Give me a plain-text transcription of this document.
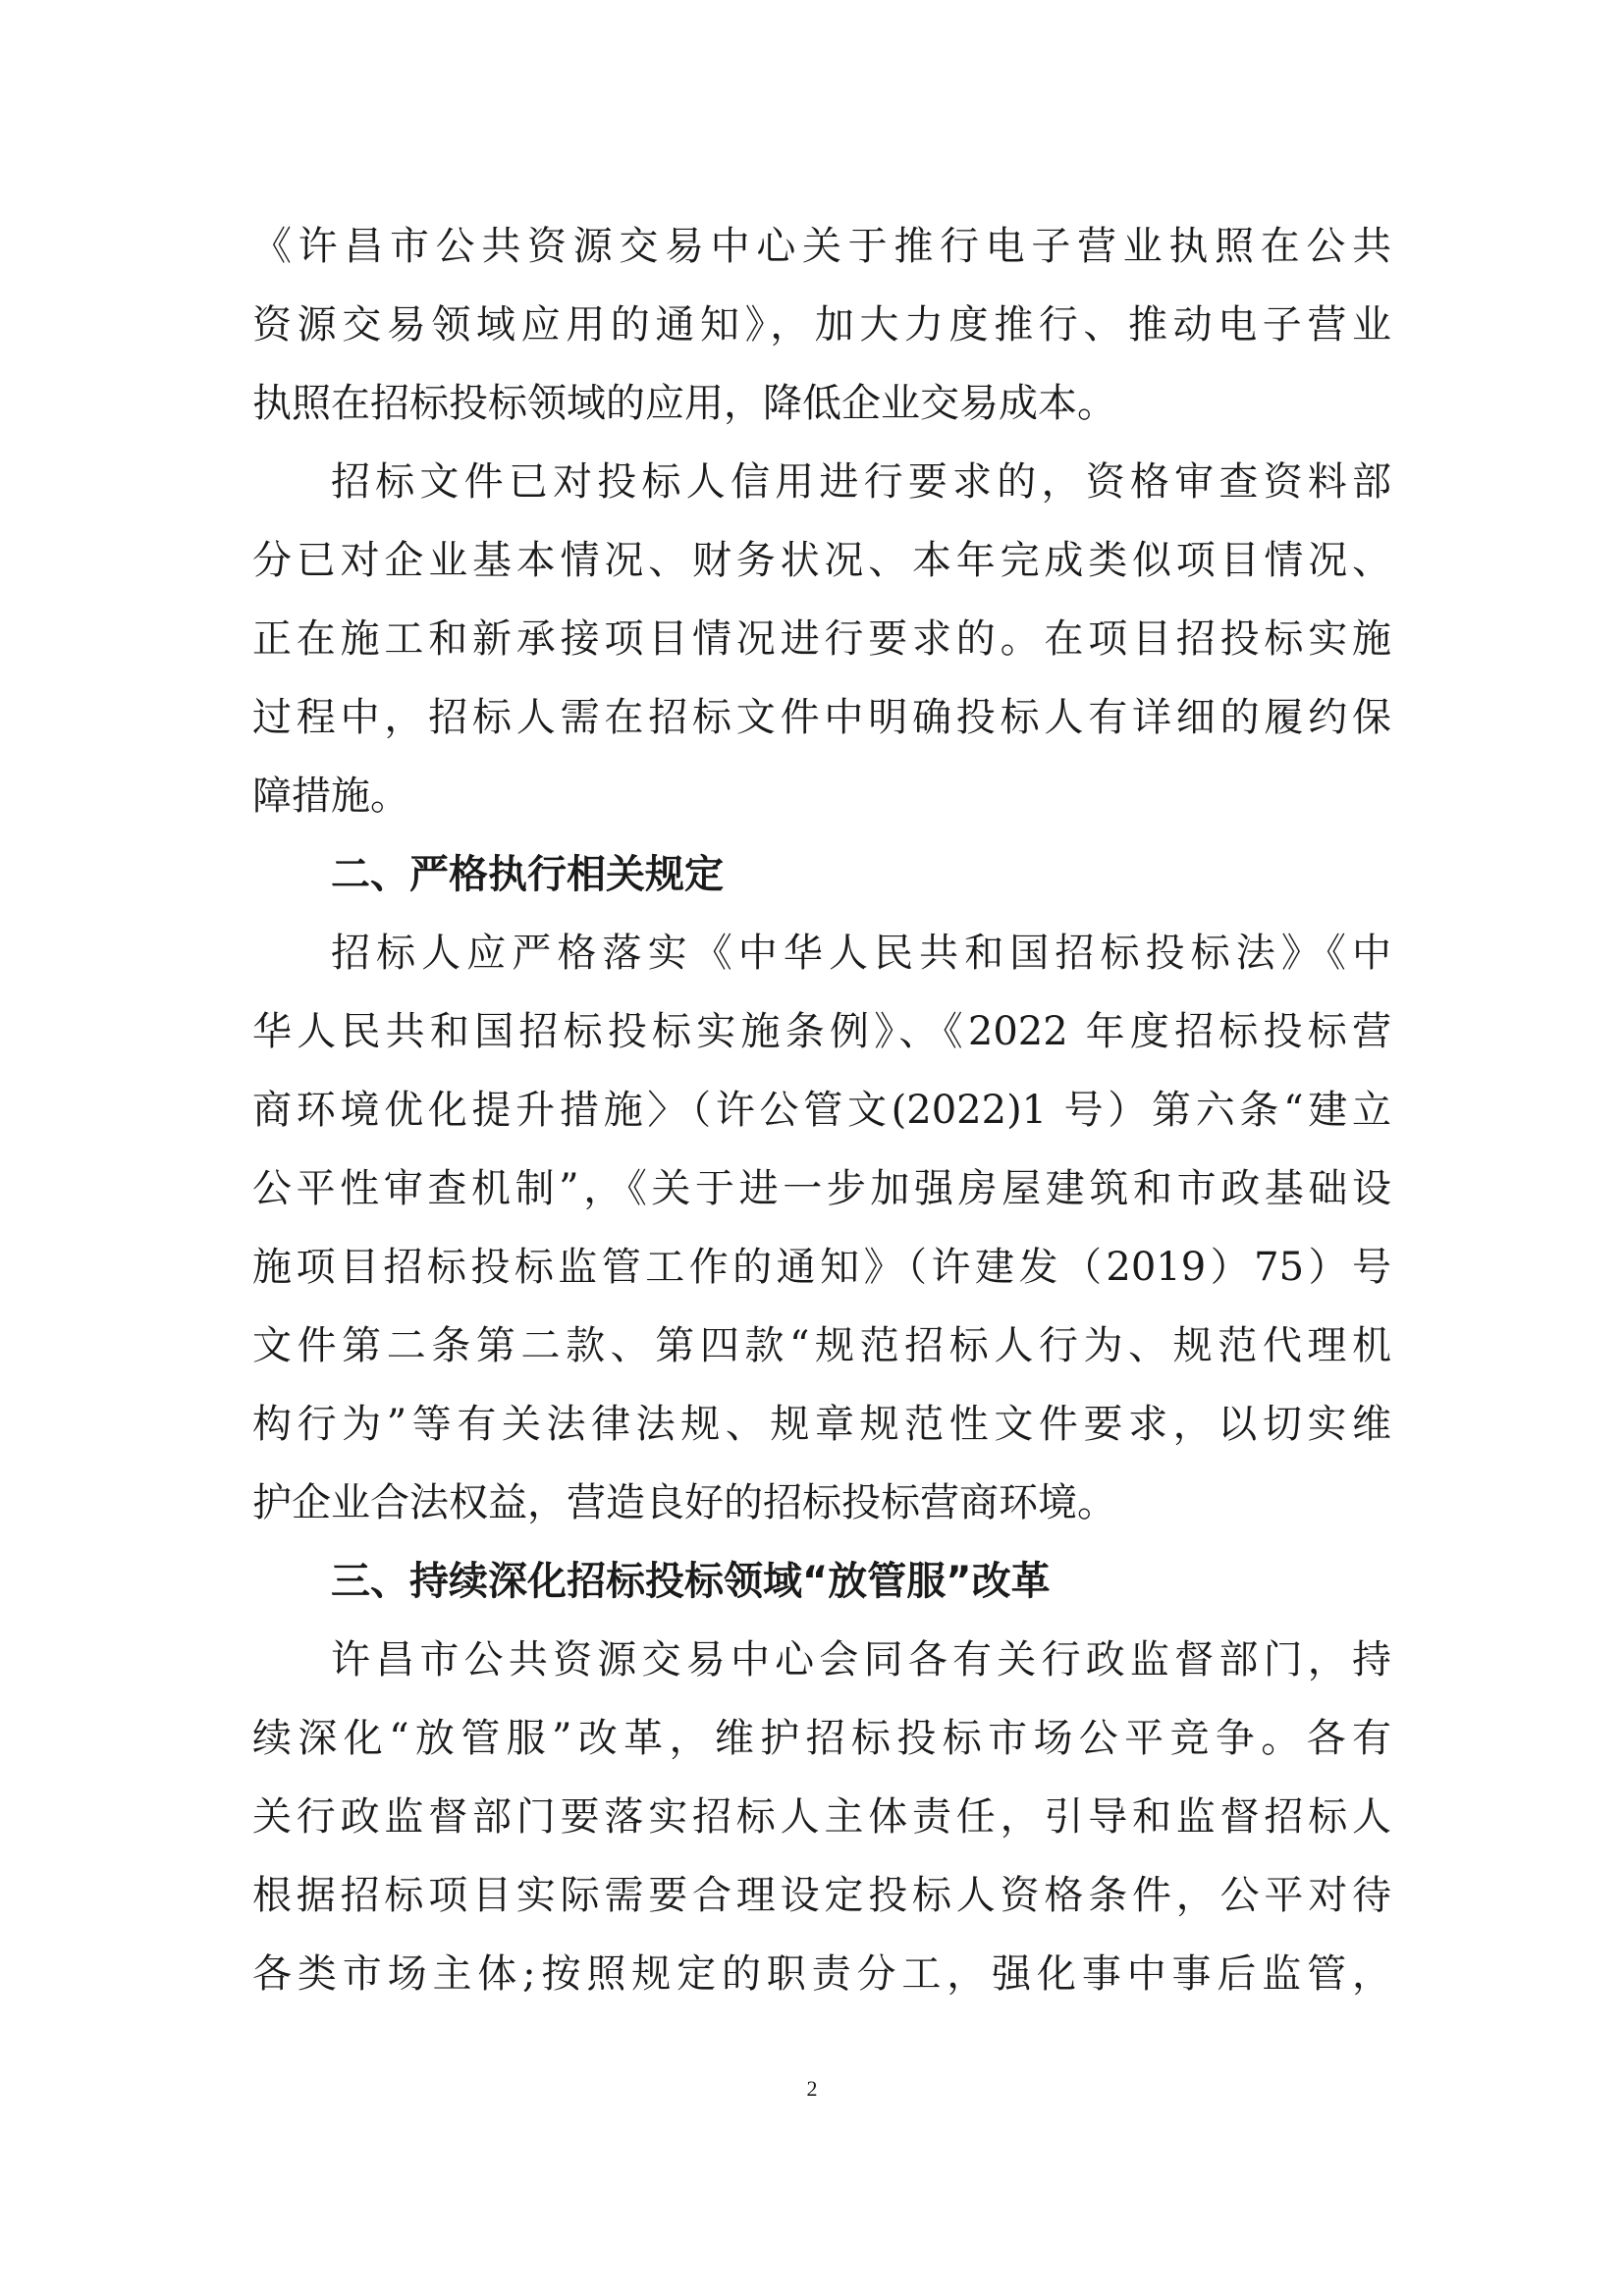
《许昌市公共资源交易中心关于推行电子营业执照在公共
资源交易领域应用的通知》，加大力度推行、推动电子营业
执照在招标投标领域的应用，降低企业交易成本。
招标文件已对投标人信用进行要求的，资格审查资料部
分已对企业基本情况、财务状况、本年完成类似项目情况、
正在施工和新承接项目情况进行要求的。在项目招投标实施
过程中，招标人需在招标文件中明确投标人有详细的履约保
障措施。
二、严格执行相关规定
招标人应严格落实《中华人民共和国招标投标法》《中
华人民共和国招标投标实施条例》、《2022 年度招标投标营
商环境优化提升措施〉（许公管文(2022)1 号）第六条“建立
公平性审查机制”，《关于进一步加强房屋建筑和市政基础设
施项目招标投标监管工作的通知》（许建发（2019）75）号
文件第二条第二款、第四款“规范招标人行为、规范代理机
构行为”等有关法律法规、规章规范性文件要求，以切实维
护企业合法权益，营造良好的招标投标营商环境。
三、持续深化招标投标领域“放管服”改革
许昌市公共资源交易中心会同各有关行政监督部门，持
续深化“放管服”改革，维护招标投标市场公平竞争。各有
关行政监督部门要落实招标人主体责任，引导和监督招标人
根据招标项目实际需要合理设定投标人资格条件，公平对待
各类市场主体;按照规定的职责分工，强化事中事后监管，
2
